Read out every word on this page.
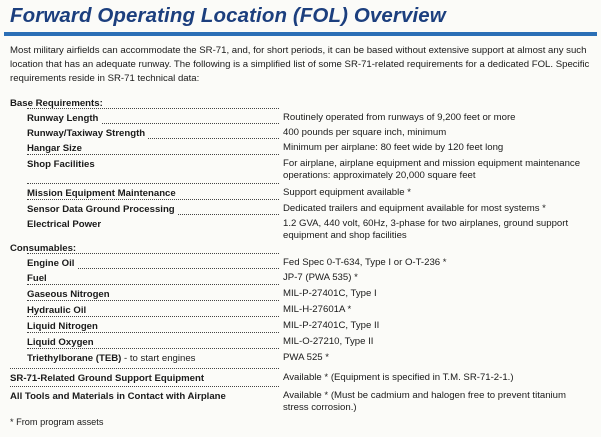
Forward Operating Location (FOL) Overview
Most military airfields can accommodate the SR-71, and, for short periods, it can be based without extensive support at almost any such location that has an adequate runway. The following is a simplified list of some SR-71-related requirements for a dedicated FOL. Specific requirements reside in SR-71 technical data:
Base Requirements:
Runway Length	Routinely operated from runways of 9,200 feet or more
Runway/Taxiway Strength	400 pounds per square inch, minimum
Hangar Size	Minimum per airplane: 80 feet wide by 120 feet long
Shop Facilities	For airplane, airplane equipment and mission equipment maintenance operations: approximately 20,000 square feet
Mission Equipment Maintenance	Support equipment available *
Sensor Data Ground Processing	Dedicated trailers and equipment available for most systems *
Electrical Power	1.2 GVA, 440 volt, 60Hz, 3-phase for two airplanes, ground support equipment and shop facilities
Consumables:
Engine Oil	Fed Spec 0-T-634, Type I or O-T-236 *
Fuel	JP-7 (PWA 535) *
Gaseous Nitrogen	MIL-P-27401C, Type I
Hydraulic Oil	MIL-H-27601A *
Liquid Nitrogen	MIL-P-27401C, Type II
Liquid Oxygen	MIL-O-27210, Type II
Triethylborane (TEB) - to start engines	PWA 525 *
SR-71-Related Ground Support Equipment	Available * (Equipment is specified in T.M. SR-71-2-1.)
All Tools and Materials in Contact with Airplane	Available * (Must be cadmium and halogen free to prevent titanium stress corrosion.)
* From program assets
